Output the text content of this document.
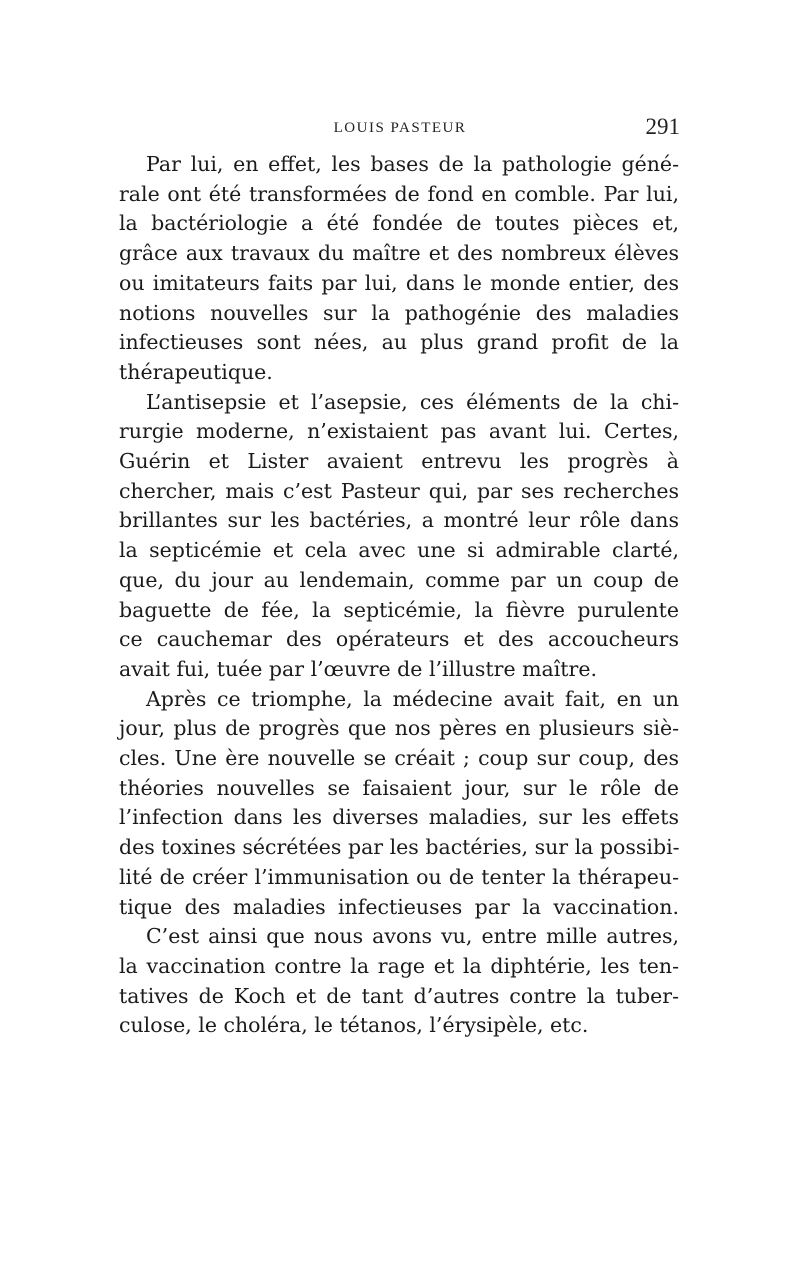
LOUIS PASTEUR	291

Par lui, en effet, les bases de la pathologie géné-
rale ont été transformées de fond en comble. Par lui,
la bactériologie a été fondée de toutes pièces et,
grâce aux travaux du maître et des nombreux élèves
ou imitateurs faits par lui, dans le monde entier, des
notions nouvelles sur la pathogénie des maladies
infectieuses sont nées, au plus grand profit de la
thérapeutique.

L’antisepsie et l’asepsie, ces éléments de la chi-
rurgie moderne, n’existaient pas avant lui. Certes,
Guérin et Lister avaient entrevu les progrès à
chercher, mais c’est Pasteur qui, par ses recherches
brillantes sur les bactéries, a montré leur rôle dans
la septicémie et cela avec une si admirable clarté,
que, du jour au lendemain, comme par un coup de
baguette de fée, la septicémie, la fièvre purulente
ce cauchemar des opérateurs et des accoucheurs
avait fui, tuée par l’œuvre de l’illustre maître.

Après ce triomphe, la médecine avait fait, en un
jour, plus de progrès que nos pères en plusieurs siè-
cles. Une ère nouvelle se créait ; coup sur coup, des
théories nouvelles se faisaient jour, sur le rôle de
l’infection dans les diverses maladies, sur les effets
des toxines sécrétées par les bactéries, sur la possibi-
lité de créer l’immunisation ou de tenter la thérapeu-
tique des maladies infectieuses par la vaccination.

C’est ainsi que nous avons vu, entre mille autres,
la vaccination contre la rage et la diphtérie, les ten-
tatives de Koch et de tant d’autres contre la tuber-
culose, le choléra, le tétanos, l’érysipèle, etc.
